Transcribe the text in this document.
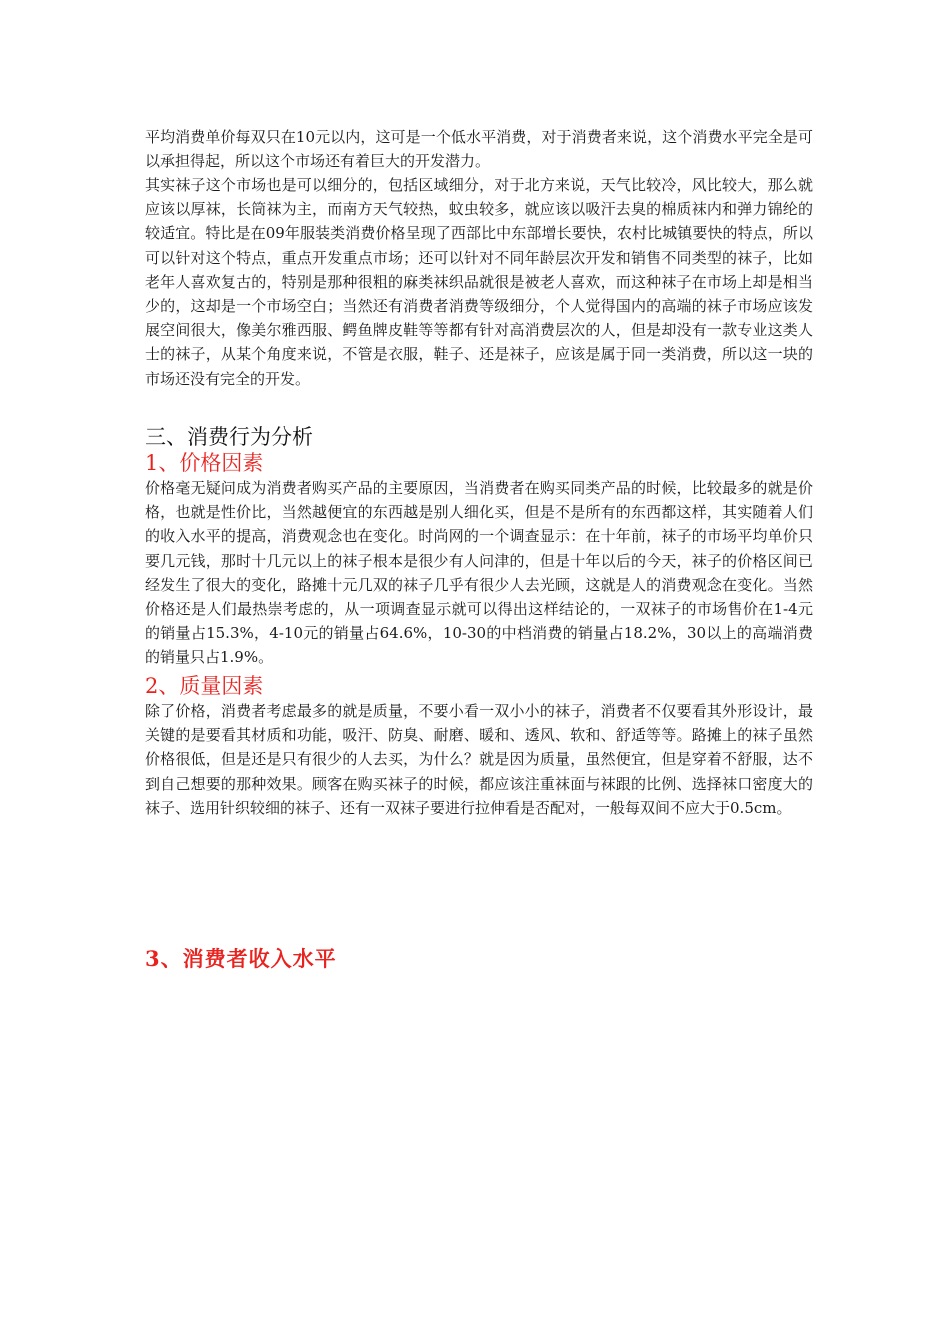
平均消费单价每双只在10元以内，这可是一个低水平消费，对于消费者来说，这个消费水平完全是可以承担得起，所以这个市场还有着巨大的开发潜力。

其实袜子这个市场也是可以细分的，包括区域细分，对于北方来说，天气比较冷，风比较大，那么就应该以厚袜，长筒袜为主，而南方天气较热，蚊虫较多，就应该以吸汗去臭的棉质袜内和弹力锦纶的较适宜。特比是在09年服装类消费价格呈现了西部比中东部增长要快，农村比城镇要快的特点，所以可以针对这个特点，重点开发重点市场；还可以针对不同年龄层次开发和销售不同类型的袜子，比如老年人喜欢复古的，特别是那种很粗的麻类袜织品就很是被老人喜欢，而这种袜子在市场上却是相当少的，这却是一个市场空白；当然还有消费者消费等级细分，个人觉得国内的高端的袜子市场应该发展空间很大，像美尔雅西服、鳄鱼牌皮鞋等等都有针对高消费层次的人，但是却没有一款专业这类人士的袜子，从某个角度来说，不管是衣服，鞋子、还是袜子，应该是属于同一类消费，所以这一块的市场还没有完全的开发。

三、消费行为分析
1、价格因素

价格毫无疑问成为消费者购买产品的主要原因，当消费者在购买同类产品的时候，比较最多的就是价格，也就是性价比，当然越便宜的东西越是别人细化买，但是不是所有的东西都这样，其实随着人们的收入水平的提高，消费观念也在变化。时尚网的一个调查显示：在十年前，袜子的市场平均单价只要几元钱，那时十几元以上的袜子根本是很少有人问津的，但是十年以后的今天，袜子的价格区间已经发生了很大的变化，路摊十元几双的袜子几乎有很少人去光顾，这就是人的消费观念在变化。当然价格还是人们最热崇考虑的，从一项调查显示就可以得出这样结论的，一双袜子的市场售价在1-4元的销量占15.3%，4-10元的销量占64.6%，10-30的中档消费的销量占18.2%，30以上的高端消费的销量只占1.9%。

2、质量因素

除了价格，消费者考虑最多的就是质量，不要小看一双小小的袜子，消费者不仅要看其外形设计，最关键的是要看其材质和功能，吸汗、防臭、耐磨、暖和、透风、软和、舒适等等。路摊上的袜子虽然价格很低，但是还是只有很少的人去买，为什么？就是因为质量，虽然便宜，但是穿着不舒服，达不到自己想要的那种效果。顾客在购买袜子的时候，都应该注重袜面与袜跟的比例、选择袜口密度大的袜子、选用针织较细的袜子、还有一双袜子要进行拉伸看是否配对，一般每双间不应大于0.5cm。

3、消费者收入水平
